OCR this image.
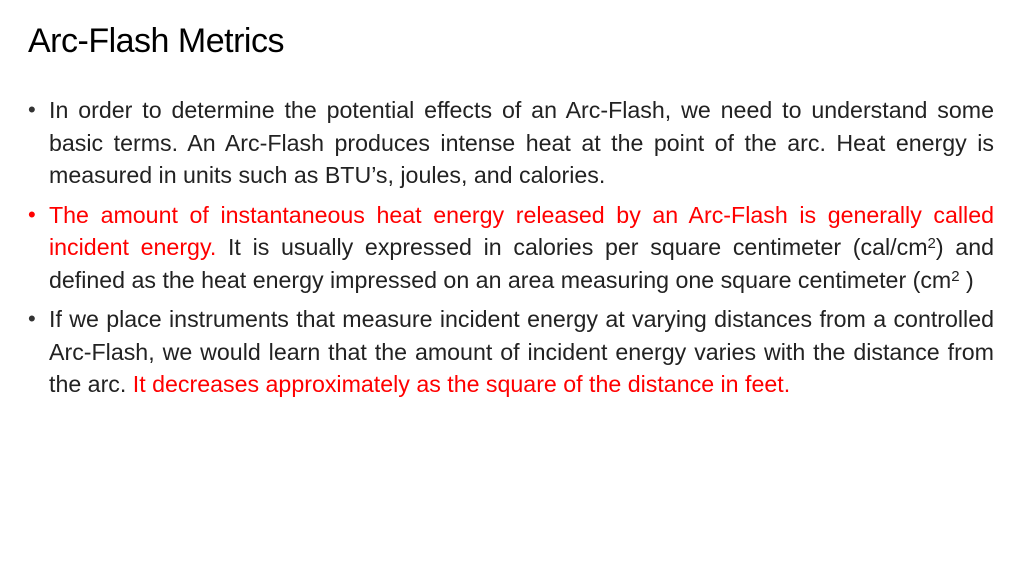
Arc-Flash Metrics
• In order to determine the potential effects of an Arc-Flash, we need to understand some basic terms. An Arc-Flash produces intense heat at the point of the arc. Heat energy is measured in units such as BTU’s, joules, and calories.
• The amount of instantaneous heat energy released by an Arc-Flash is generally called incident energy. It is usually expressed in calories per square centimeter $(cal/cm^2)$ and defined as the heat energy impressed on an area measuring one square centimeter ($cm^2$ )
• If we place instruments that measure incident energy at varying distances from a controlled Arc-Flash, we would learn that the amount of incident energy varies with the distance from the arc. It decreases approximately as the square of the distance in feet.
